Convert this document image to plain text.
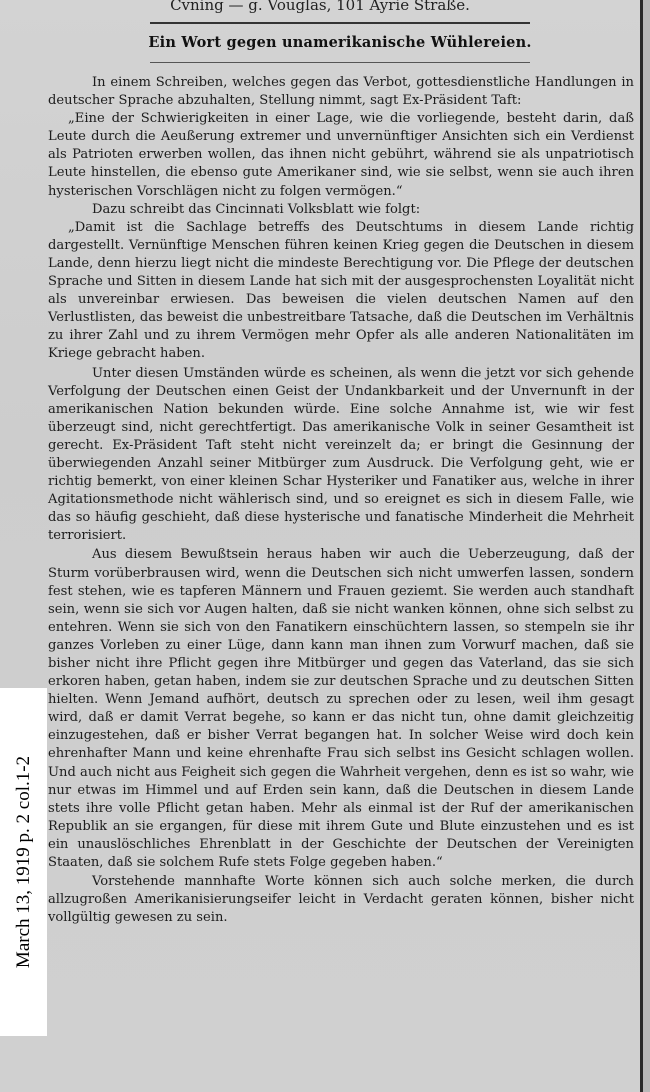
Cvning — g. Vouglas, 101 Ayrie Straße.
Ein Wort gegen unamerikanische Wühlereien.

In einem Schreiben, welches gegen das Verbot, gottesdienstliche Handlungen in deutscher Sprache abzuhalten, Stellung nimmt, sagt Ex-Präsident Taft:

„Eine der Schwierigkeiten in einer Lage, wie die vorliegende, besteht darin, daß Leute durch die Aeußerung extremer und unvernünftiger Ansichten sich ein Verdienst als Patrioten erwerben wollen, das ihnen nicht gebührt, während sie als unpatriotisch Leute hinstellen, die ebenso gute Amerikaner sind, wie sie selbst, wenn sie auch ihren hysterischen Vorschlägen nicht zu folgen vermögen.“

Dazu schreibt das Cincinnati Volksblatt wie folgt:

„Damit ist die Sachlage betreffs des Deutschtums in diesem Lande richtig dargestellt. Vernünftige Menschen führen keinen Krieg gegen die Deutschen in diesem Lande, denn hierzu liegt nicht die mindeste Berechtigung vor. Die Pflege der deutschen Sprache und Sitten in diesem Lande hat sich mit der ausgesprochensten Loyalität nicht als unvereinbar erwiesen. Das beweisen die vielen deutschen Namen auf den Verlustlisten, das beweist die unbestreitbare Tatsache, daß die Deutschen im Verhältnis zu ihrer Zahl und zu ihrem Vermögen mehr Opfer als alle anderen Nationalitäten im Kriege gebracht haben.

Unter diesen Umständen würde es scheinen, als wenn die jetzt vor sich gehende Verfolgung der Deutschen einen Geist der Undankbarkeit und der Unvernunft in der amerikanischen Nation bekunden würde. Eine solche Annahme ist, wie wir fest überzeugt sind, nicht gerechtfertigt. Das amerikanische Volk in seiner Gesamtheit ist gerecht. Ex-Präsident Taft steht nicht vereinzelt da; er bringt die Gesinnung der überwiegenden Anzahl seiner Mitbürger zum Ausdruck. Die Verfolgung geht, wie er richtig bemerkt, von einer kleinen Schar Hysteriker und Fanatiker aus, welche in ihrer Agitationsmethode nicht wählerisch sind, und so ereignet es sich in diesem Falle, wie das so häufig geschieht, daß diese hysterische und fanatische Minderheit die Mehrheit terrorisiert.

Aus diesem Bewußtsein heraus haben wir auch die Ueberzeugung, daß der Sturm vorüberbrausen wird, wenn die Deutschen sich nicht umwerfen lassen, sondern fest stehen, wie es tapferen Männern und Frauen geziemt. Sie werden auch standhaft sein, wenn sie sich vor Augen halten, daß sie nicht wanken können, ohne sich selbst zu entehren. Wenn sie sich von den Fanatikern einschüchtern lassen, so stempeln sie ihr ganzes Vorleben zu einer Lüge, dann kann man ihnen zum Vorwurf machen, daß sie bisher nicht ihre Pflicht gegen ihre Mitbürger und gegen das Vaterland, das sie sich erkoren haben, getan haben, indem sie zur deutschen Sprache und zu deutschen Sitten hielten. Wenn Jemand aufhört, deutsch zu sprechen oder zu lesen, weil ihm gesagt wird, daß er damit Verrat begehe, so kann er das nicht tun, ohne damit gleichzeitig einzugestehen, daß er bisher Verrat begangen hat. In solcher Weise wird doch kein ehrenhafter Mann und keine ehrenhafte Frau sich selbst ins Gesicht schlagen wollen. Und auch nicht aus Feigheit sich gegen die Wahrheit vergehen, denn es ist so wahr, wie nur etwas im Himmel und auf Erden sein kann, daß die Deutschen in diesem Lande stets ihre volle Pflicht getan haben. Mehr als einmal ist der Ruf der amerikanischen Republik an sie ergangen, für diese mit ihrem Gute und Blute einzustehen und es ist ein unauslöschliches Ehrenblatt in der Geschichte der Deutschen der Vereinigten Staaten, daß sie solchem Rufe stets Folge gegeben haben.“

Vorstehende mannhafte Worte können sich auch solche merken, die durch allzugroßen Amerikanisierungseifer leicht in Verdacht geraten können, bisher nicht vollgültig gewesen zu sein.

March 13, 1919 p. 2 col.1-2
